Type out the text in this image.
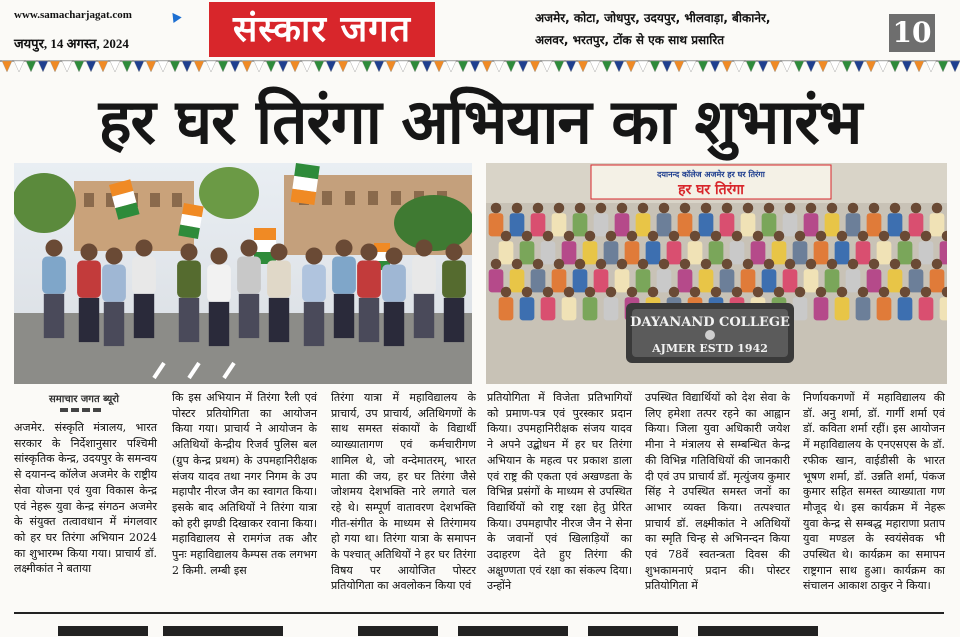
www.samacharjagat.com
जयपुर, 14 अगस्त, 2024	संस्कार जगत	अजमेर, कोटा, जोधपुर, उदयपुर, भीलवाड़ा, बीकानेर,
अलवर, भरतपुर, टोंक से एक साथ प्रसारित	10
हर घर तिरंगा अभियान का शुभारंभ
दयानन्द कॉलेज अजमेर हर घर तिरंगा
हर घर तिरंगा
DAYANAND COLLEGE
AJMER ESTD 1942
समाचार जगत ब्यूरो

अजमेर. संस्कृति मंत्रालय, भारत सरकार के निर्देशानुसार पश्चिमी सांस्कृतिक केन्द्र, उदयपुर के समन्वय से दयानन्द कॉलेज अजमेर के राष्ट्रीय सेवा योजना एवं युवा विकास केन्द्र एवं नेहरू युवा केन्द्र संगठन अजमेर के संयुक्त तत्वावधान में मंगलवार को हर घर तिरंगा अभियान 2024 का शुभारम्भ किया गया। प्राचार्य डॉ. लक्ष्मीकांत ने बताया

कि इस अभियान में तिरंगा रैली एवं पोस्टर प्रतियोगिता का आयोजन किया गया। प्राचार्य ने आयोजन के अतिथियों केन्द्रीय रिजर्व पुलिस बल (ग्रुप केन्द्र प्रथम) के उपमहानिरीक्षक संजय यादव तथा नगर निगम के उप महापौर नीरज जैन का स्वागत किया। इसके बाद अतिथियों ने तिरंगा यात्रा को हरी झण्डी दिखाकर रवाना किया। महाविद्यालय से रामगंज तक और पुनः महाविद्यालय कैम्पस तक लगभग 2 किमी. लम्बी इस

तिरंगा यात्रा में महाविद्यालय के प्राचार्य, उप प्राचार्य, अतिथिगणों के साथ समस्त संकायों के विद्यार्थी व्याख्यातागण एवं कर्मचारीगण शामिल थे, जो वन्देमातरम्, भारत माता की जय, हर घर तिरंगा जैसे जोशमय देशभक्ति नारे लगाते चल रहे थे। सम्पूर्ण वातावरण देशभक्ति गीत-संगीत के माध्यम से तिरंगामय हो गया था। तिरंगा यात्रा के समापन के पश्चात् अतिथियों ने हर घर तिरंगा विषय पर आयोजित पोस्टर प्रतियोगिता का अवलोकन किया एवं

प्रतियोगिता में विजेता प्रतिभागियों को प्रमाण-पत्र एवं पुरस्कार प्रदान किया। उपमहानिरीक्षक संजय यादव ने अपने उद्बोधन में हर घर तिरंगा अभियान के महत्व पर प्रकाश डाला एवं राष्ट्र की एकता एवं अखण्डता के विभिन्न प्रसंगों के माध्यम से उपस्थित विद्यार्थियों को राष्ट्र रक्षा हेतु प्रेरित किया। उपमहापौर नीरज जैन ने सेना के जवानों एवं खिलाड़ियों का उदाहरण देते हुए तिरंगा की अक्षुण्णता एवं रक्षा का संकल्प दिया। उन्होंने

उपस्थित विद्यार्थियों को देश सेवा के लिए हमेशा तत्पर रहने का आह्वान किया। जिला युवा अधिकारी जयेश मीना ने मंत्रालय से सम्बन्धित केन्द्र की विभिन्न गतिविधियों की जानकारी दी एवं उप प्राचार्य डॉ. मृत्युंजय कुमार सिंह ने उपस्थित समस्त जनों का आभार व्यक्त किया। तत्पश्चात प्राचार्य डॉ. लक्ष्मीकांत ने अतिथियों का स्मृति चिन्ह से अभिनन्दन किया एवं 78वें स्वतन्त्रता दिवस की शुभकामनाएं प्रदान की। पोस्टर प्रतियोगिता में

निर्णायकगणों में महाविद्यालय की डॉ. अनु शर्मा, डॉ. गार्गी शर्मा एवं डॉ. कविता शर्मा रहीं। इस आयोजन में महाविद्यालय के एनएसएस के डॉ. रफीक खान, वाईडीसी के भारत भूषण शर्मा, डॉ. उन्नति शर्मा, पंकज कुमार सहित समस्त व्याख्याता गण मौजूद थे। इस कार्यक्रम में नेहरू युवा केन्द्र से सम्बद्ध महाराणा प्रताप युवा मण्डल के स्वयंसेवक भी उपस्थित थे। कार्यक्रम का समापन राष्ट्रगान साथ हुआ। कार्यक्रम का संचालन आकाश ठाकुर ने किया।
